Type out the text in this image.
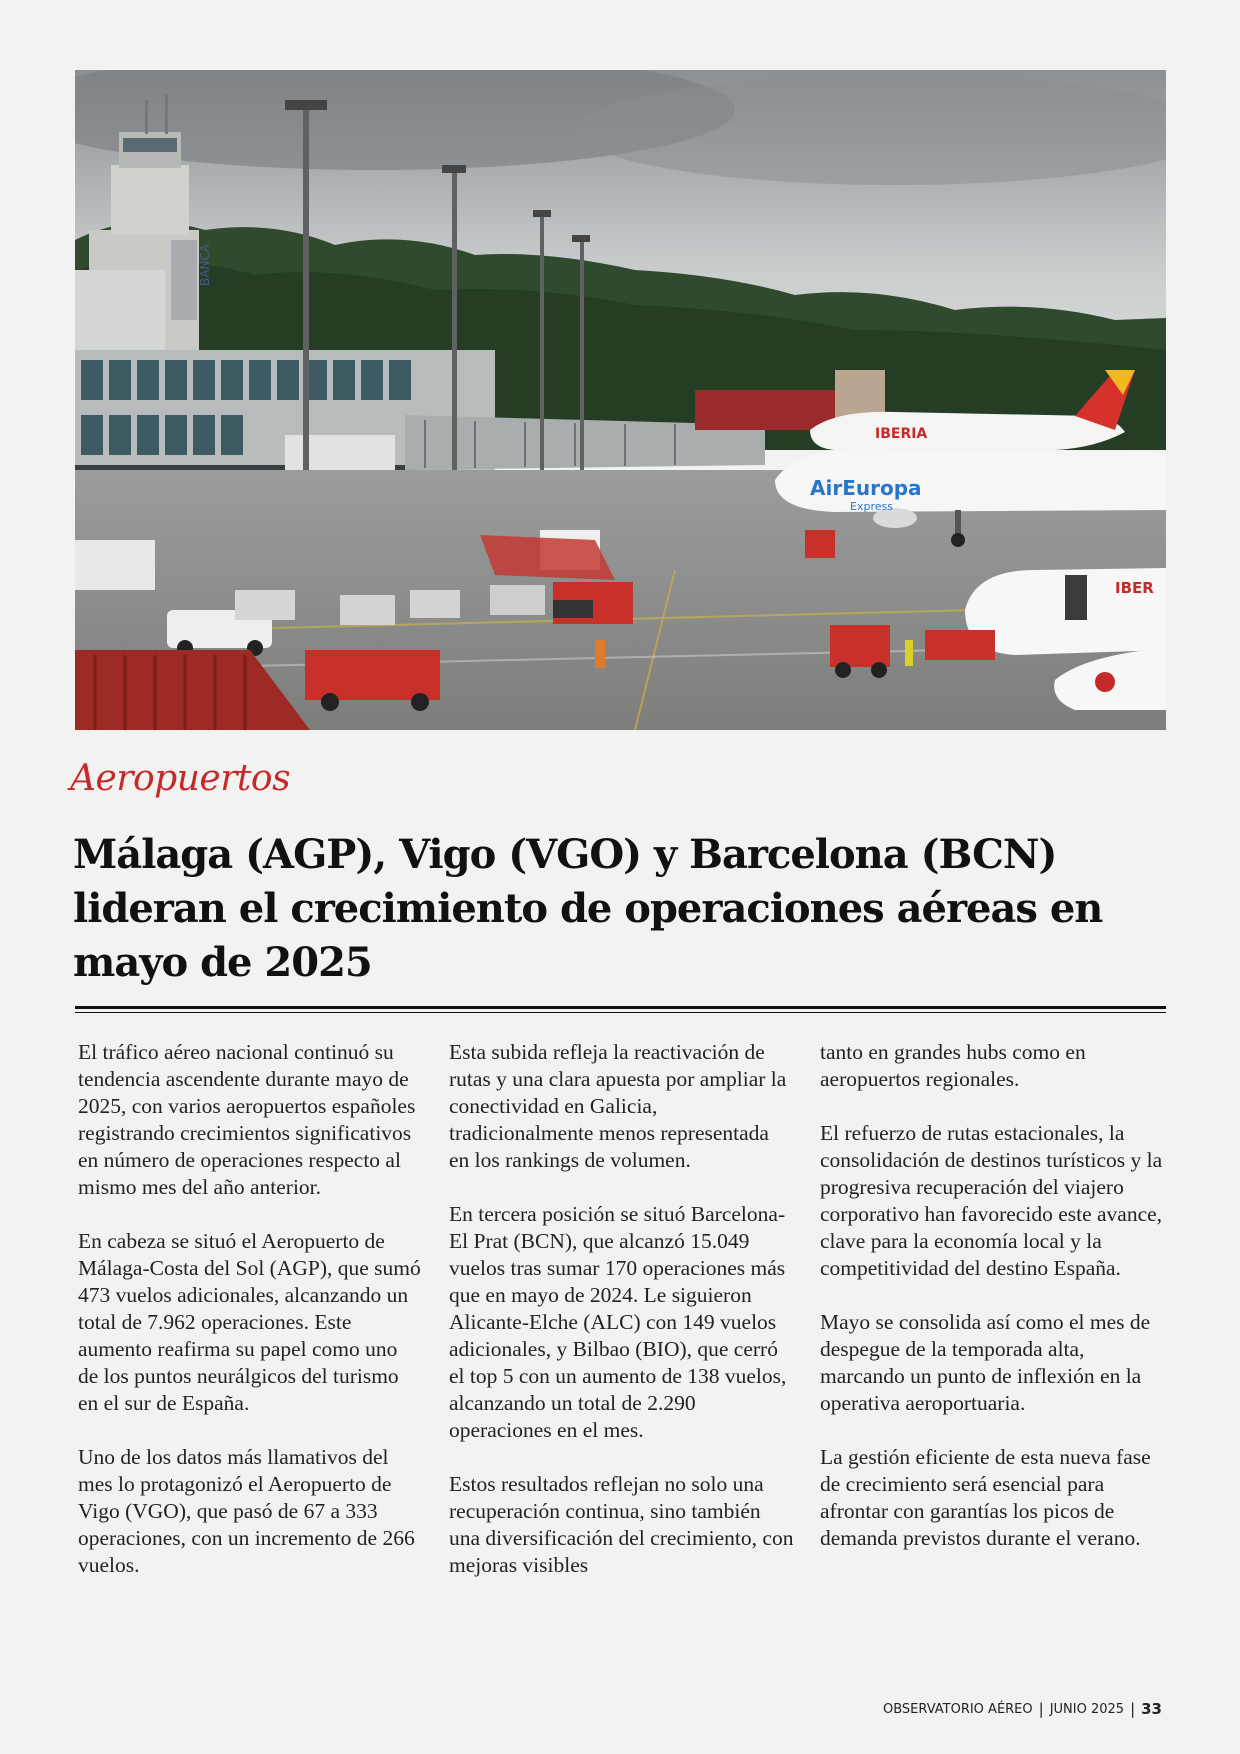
BANCA
IBERIA
AirEuropa
Express
IBER
Aeropuertos
Málaga (AGP), Vigo (VGO) y Barcelona (BCN) lideran el crecimiento de operaciones aéreas en mayo de 2025

El tráfico aéreo nacional continuó su tendencia ascendente durante mayo de 2025, con varios aeropuertos españoles registrando crecimientos significativos en número de operaciones respecto al mismo mes del año anterior.

En cabeza se situó el Aeropuerto de Málaga-Costa del Sol (AGP), que sumó 473 vuelos adicionales, alcanzando un total de 7.962 operaciones. Este aumento reafirma su papel como uno de los puntos neurálgicos del turismo en el sur de España.

Uno de los datos más llamativos del mes lo protagonizó el Aeropuerto de Vigo (VGO), que pasó de 67 a 333 operaciones, con un incremento de 266 vuelos.

Esta subida refleja la reactivación de rutas y una clara apuesta por ampliar la conectividad en Galicia, tradicionalmente menos representada en los rankings de volumen.

En tercera posición se situó Barcelona-El Prat (BCN), que alcanzó 15.049 vuelos tras sumar 170 operaciones más que en mayo de 2024. Le siguieron Alicante-Elche (ALC) con 149 vuelos adicionales, y Bilbao (BIO), que cerró el top 5 con un aumento de 138 vuelos, alcanzando un total de 2.290 operaciones en el mes.

Estos resultados reflejan no solo una recuperación continua, sino también una diversificación del crecimiento, con mejoras visibles

tanto en grandes hubs como en aeropuertos regionales.

El refuerzo de rutas estacionales, la consolidación de destinos turísticos y la progresiva recuperación del viajero corporativo han favorecido este avance, clave para la economía local y la competitividad del destino España.

Mayo se consolida así como el mes de despegue de la temporada alta, marcando un punto de inflexión en la operativa aeroportuaria.

La gestión eficiente de esta nueva fase de crecimiento será esencial para afrontar con garantías los picos de demanda previstos durante el verano.

OBSERVATORIO AÉREO | JUNIO 2025 | 33
